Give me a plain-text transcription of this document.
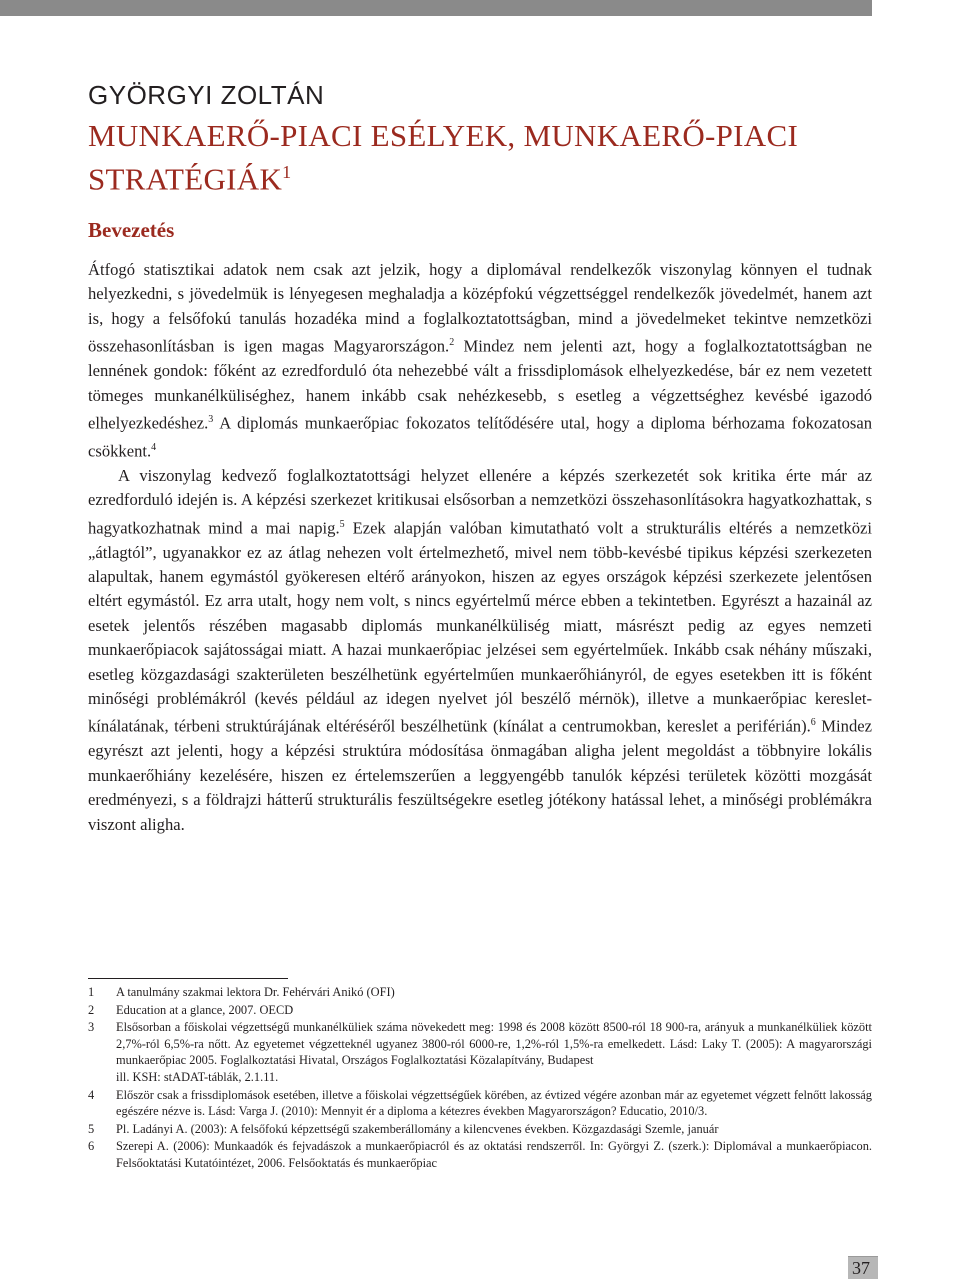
GYÖRGYI ZOLTÁN
MUNKAERŐ-PIACI ESÉLYEK, MUNKAERŐ-PIACI STRATÉGIÁK$^1$
Bevezetés

Átfogó statisztikai adatok nem csak azt jelzik, hogy a diplomával rendelkezők viszonylag könnyen el tudnak helyezkedni, s jövedelmük is lényegesen meghaladja a középfokú végzettséggel rendelkezők jövedelmét, hanem azt is, hogy a felsőfokú tanulás hozadéka mind a foglalkoztatottságban, mind a jövedelmeket tekintve nemzetközi összehasonlításban is igen magas Magyarországon.$^2$ Mindez nem jelenti azt, hogy a foglalkoztatottságban ne lennének gondok: főként az ezredforduló óta nehezebbé vált a frissdiplomások elhelyezkedése, bár ez nem vezetett tömeges munkanélküliséghez, hanem inkább csak nehézkesebb, s esetleg a végzettséghez kevésbé igazodó elhelyezkedéshez.$^3$ A diplomás munkaerőpiac fokozatos telítődésére utal, hogy a diploma bérhozama fokozatosan csökkent.$^4$

A viszonylag kedvező foglalkoztatottsági helyzet ellenére a képzés szerkezetét sok kritika érte már az ezredforduló idején is. A képzési szerkezet kritikusai elsősorban a nemzetközi összehasonlításokra hagyatkozhattak, s hagyatkozhatnak mind a mai napig.$^5$ Ezek alapján valóban kimutatható volt a strukturális eltérés a nemzetközi „átlagtól”, ugyanakkor ez az átlag nehezen volt értelmezhető, mivel nem több-kevésbé tipikus képzési szerkezeten alapultak, hanem egymástól gyökeresen eltérő arányokon, hiszen az egyes országok képzési szerkezete jelentősen eltért egymástól. Ez arra utalt, hogy nem volt, s nincs egyértelmű mérce ebben a tekintetben. Egyrészt a hazainál az esetek jelentős részében magasabb diplomás munkanélküliség miatt, másrészt pedig az egyes nemzeti munkaerőpiacok sajátosságai miatt. A hazai munkaerőpiac jelzései sem egyértelműek. Inkább csak néhány műszaki, esetleg közgazdasági szakterületen beszélhetünk egyértelműen munkaerőhiányról, de egyes esetekben itt is főként minőségi problémákról (kevés például az idegen nyelvet jól beszélő mérnök), illetve a munkaerőpiac kereslet-kínálatának, térbeni struktúrájának eltéréséről beszélhetünk (kínálat a centrumokban, kereslet a periférián).$^6$ Mindez egyrészt azt jelenti, hogy a képzési struktúra módosítása önmagában aligha jelent megoldást a többnyire lokális munkaerőhiány kezelésére, hiszen ez értelemszerűen a leggyengébb tanulók képzési területek közötti mozgását eredményezi, s a földrajzi hátterű strukturális feszültségekre esetleg jótékony hatással lehet, a minőségi problémákra viszont aligha.

1	A tanulmány szakmai lektora Dr. Fehérvári Anikó (OFI)
2	Education at a glance, 2007. OECD
3	Elsősorban a főiskolai végzettségű munkanélküliek száma növekedett meg: 1998 és 2008 között 8500-ról 18 900-ra, arányuk a munkanélküliek között 2,7%-ról 6,5%-ra nőtt. Az egyetemet végzetteknél ugyanez 3800-ról 6000-re, 1,2%-ról 1,5%-ra emelkedett. Lásd: Laky T. (2005): A magyarországi munkaerőpiac 2005. Foglalkoztatási Hivatal, Országos Foglalkoztatási Közalapítvány, Budapest
ill. KSH: stADAT-táblák, 2.1.11.
4	Először csak a frissdiplomások esetében, illetve a főiskolai végzettségűek körében, az évtized végére azonban már az egyetemet végzett felnőtt lakosság egészére nézve is. Lásd: Varga J. (2010): Mennyit ér a diploma a kétezres években Magyarországon? Educatio, 2010/3.
5	Pl. Ladányi A. (2003): A felsőfokú képzettségű szakemberállomány a kilencvenes években. Közgazdasági Szemle, január
6	Szerepi A. (2006): Munkaadók és fejvadászok a munkaerőpiacról és az oktatási rendszerről. In: Györgyi Z. (szerk.): Diplomával a munkaerőpiacon. Felsőoktatási Kutatóintézet, 2006. Felsőoktatás és munkaerőpiac
37
